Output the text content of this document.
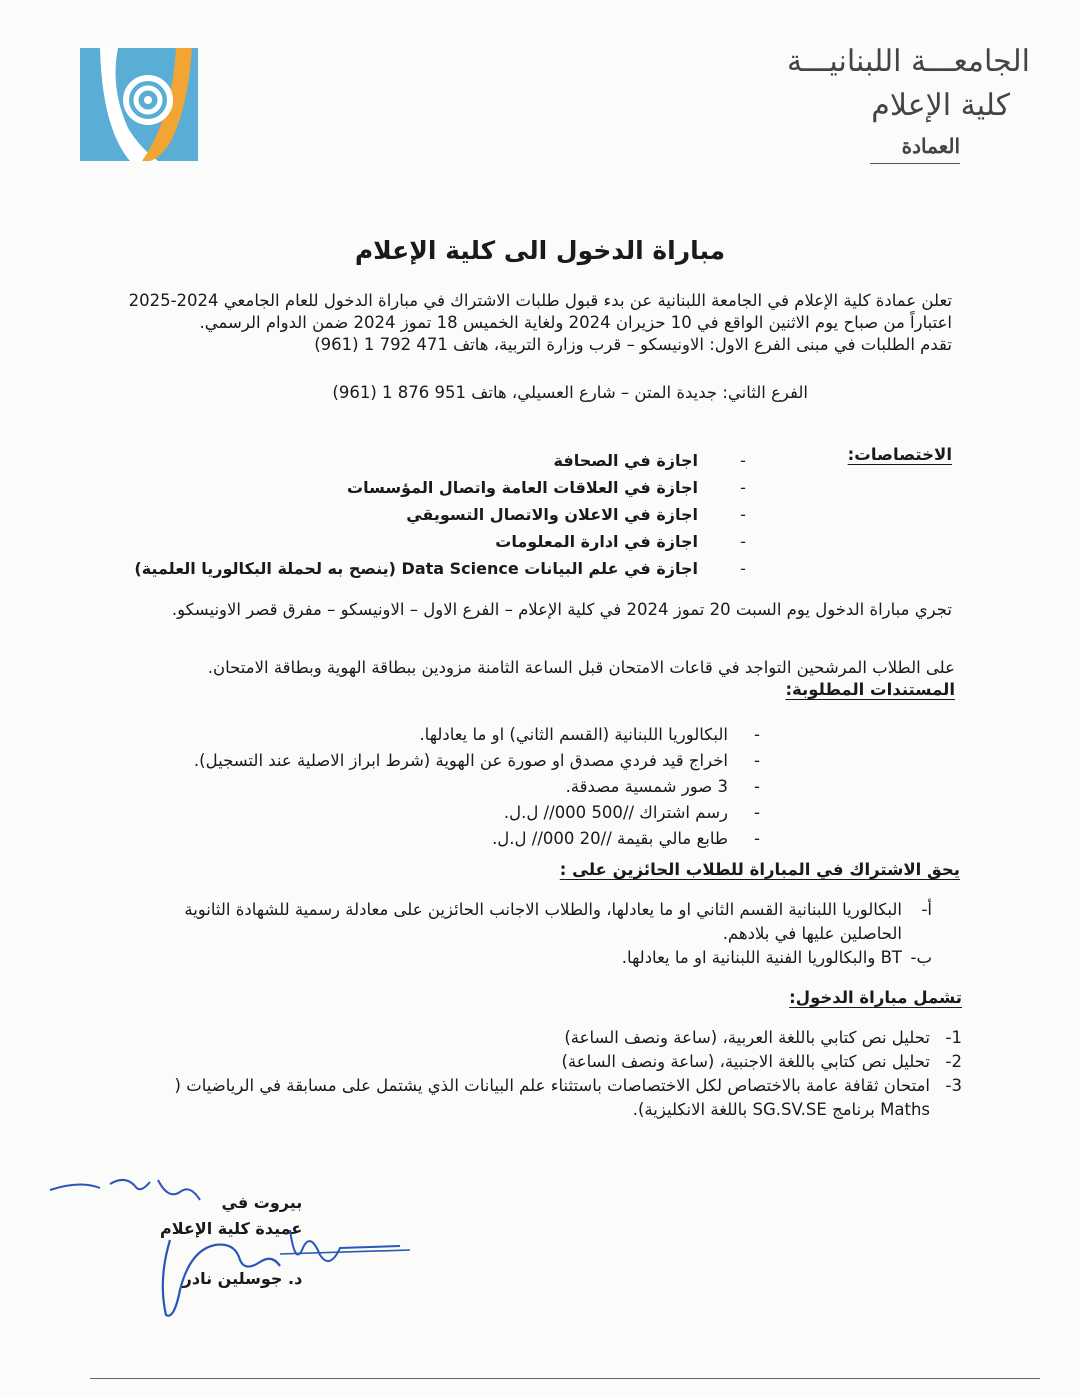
الجامعـــة اللبنانيـــة
كلية الإعلام
العمادة
مباراة الدخول الى كلية الإعلام
تعلن عمادة كلية الإعلام في الجامعة اللبنانية عن بدء قبول طلبات الاشتراك في مباراة الدخول للعام الجامعي 2024-2025
اعتباراً من صباح يوم الاثنين الواقع في 10 حزيران 2024 ولغاية الخميس 18 تموز 2024 ضمن الدوام الرسمي.
تقدم الطلبات في مبنى الفرع الاول: الاونيسكو – قرب وزارة التربية، هاتف 471 792 1 (961)
الفرع الثاني: جديدة المتن – شارع العسيلي، هاتف 951 876 1 (961)
الاختصاصات:
-
اجازة في الصحافة
-
اجازة في العلاقات العامة واتصال المؤسسات
-
اجازة في الاعلان والاتصال التسويقي
-
اجازة في ادارة المعلومات
-
اجازة في علم البيانات Data Science (ينصح به لحملة البكالوريا العلمية)
تجري مباراة الدخول يوم السبت 20 تموز 2024 في كلية الإعلام – الفرع الاول – الاونيسكو – مفرق قصر الاونيسكو.
على الطلاب المرشحين التواجد في قاعات الامتحان قبل الساعة الثامنة مزودين ببطاقة الهوية وبطاقة الامتحان.
المستندات المطلوبة:
-البكالوريا اللبنانية (القسم الثاني) او ما يعادلها.
-اخراج قيد فردي مصدق او صورة عن الهوية (شرط ابراز الاصلية عند التسجيل).
-3 صور شمسية مصدقة.
-رسم اشتراك //500 000// ل.ل.
-طابع مالي بقيمة //20 000// ل.ل.
يحق الاشتراك في المباراة للطلاب الحائزين على :
أ-
البكالوريا اللبنانية القسم الثاني او ما يعادلها، والطلاب الاجانب الحائزين على معادلة رسمية للشهادة الثانوية الحاصلين عليها في بلادهم.
ب-
BT والبكالوريا الفنية اللبنانية او ما يعادلها.
تشمل مباراة الدخول:
1-
تحليل نص كتابي باللغة العربية، (ساعة ونصف الساعة)
2-
تحليل نص كتابي باللغة الاجنبية، (ساعة ونصف الساعة)
3-
امتحان ثقافة عامة بالاختصاص لكل الاختصاصات باستثناء علم البيانات الذي يشتمل على مسابقة في الرياضيات ( Maths برنامج SG.SV.SE باللغة الانكليزية).
بيروت في
عميدة كلية الإعلام
د. جوسلين نادر
